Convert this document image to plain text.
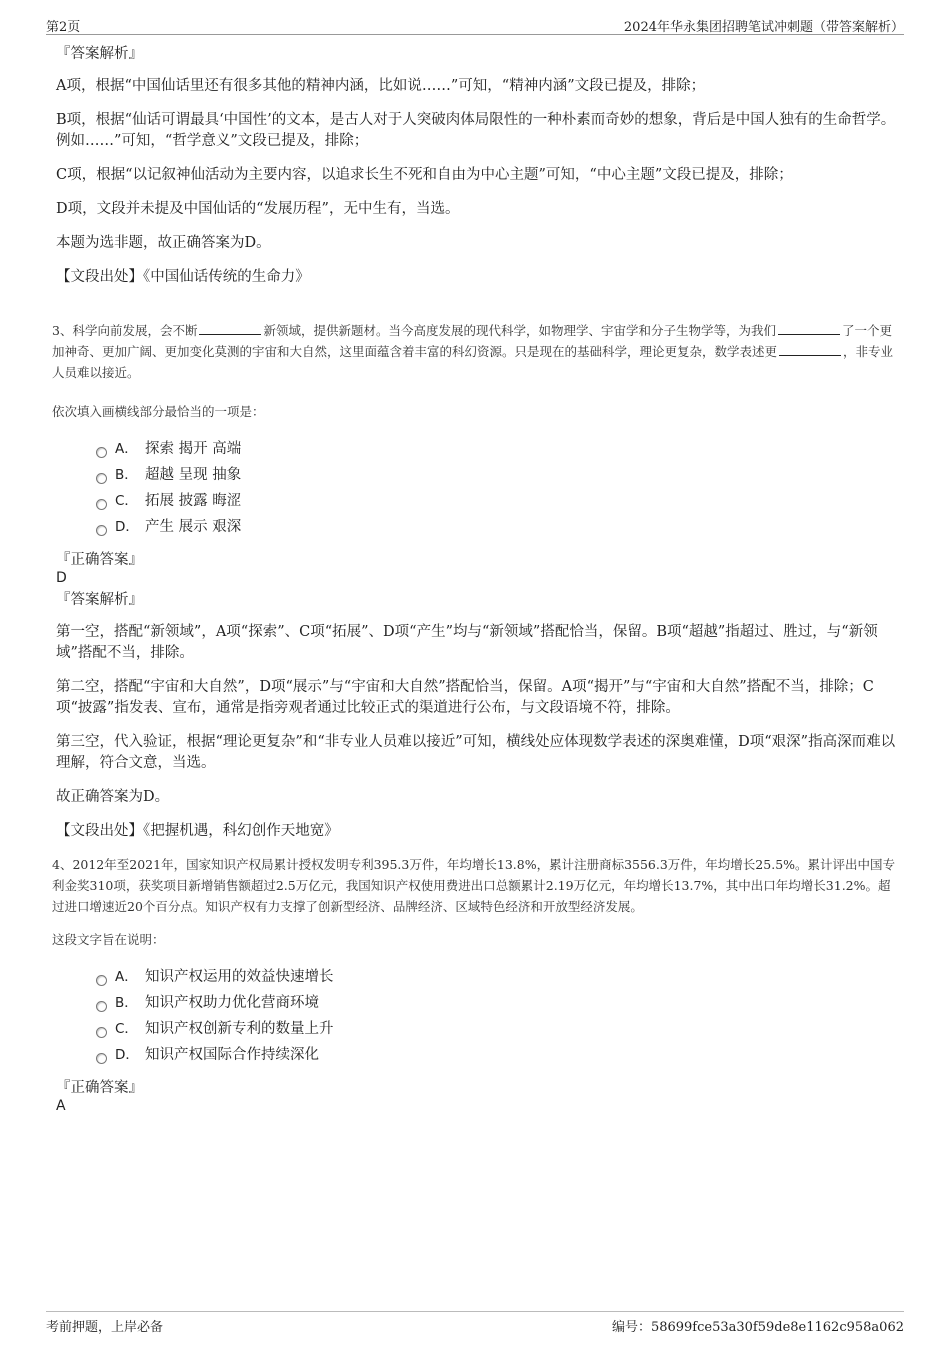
第2页	2024年华永集团招聘笔试冲刺题（带答案解析）
『答案解析』

A项，根据“中国仙话里还有很多其他的精神内涵，比如说……”可知，“精神内涵”文段已提及，排除；

B项，根据“仙话可谓最具‘中国性’的文本，是古人对于人突破肉体局限性的一种朴素而奇妙的想象，背后是中国人独有的生命哲学。例如……”可知，“哲学意义”文段已提及，排除；

C项，根据“以记叙神仙活动为主要内容，以追求长生不死和自由为中心主题”可知，“中心主题”文段已提及，排除；

D项，文段并未提及中国仙话的“发展历程”，无中生有，当选。

本题为选非题，故正确答案为D。

【文段出处】《中国仙话传统的生命力》

3、科学向前发展，会不断	新领域，提供新题材。当今高度发展的现代科学，如物理学、宇宙学和分子生物学等，为我们	了一个更加神奇、更加广阔、更加变化莫测的宇宙和大自然，这里面蕴含着丰富的科幻资源。只是现在的基础科学，理论更复杂，数学表述更	，非专业人员难以接近。

依次填入画横线部分最恰当的一项是：

A． 探索 揭开 高端
B． 超越 呈现 抽象
C． 拓展 披露 晦涩
D． 产生 展示 艰深
『正确答案』
D
『答案解析』

第一空，搭配“新领域”，A项“探索”、C项“拓展”、D项“产生”均与“新领域”搭配恰当，保留。B项“超越”指超过、胜过，与“新领域”搭配不当，排除。

第二空，搭配“宇宙和大自然”，D项“展示”与“宇宙和大自然”搭配恰当，保留。A项“揭开”与“宇宙和大自然”搭配不当，排除；C项“披露”指发表、宣布，通常是指旁观者通过比较正式的渠道进行公布，与文段语境不符，排除。

第三空，代入验证，根据“理论更复杂”和“非专业人员难以接近”可知，横线处应体现数学表述的深奥难懂，D项“艰深”指高深而难以理解，符合文意，当选。

故正确答案为D。

【文段出处】《把握机遇，科幻创作天地宽》

4、2012年至2021年，国家知识产权局累计授权发明专利395.3万件，年均增长13.8%，累计注册商标3556.3万件，年均增长25.5%。累计评出中国专利金奖310项，获奖项目新增销售额超过2.5万亿元，我国知识产权使用费进出口总额累计2.19万亿元，年均增长13.7%，其中出口年均增长31.2%。超过进口增速近20个百分点。知识产权有力支撑了创新型经济、品牌经济、区域特色经济和开放型经济发展。

这段文字旨在说明：

A． 知识产权运用的效益快速增长
B． 知识产权助力优化营商环境
C． 知识产权创新专利的数量上升
D． 知识产权国际合作持续深化
『正确答案』
A
考前押题，上岸必备	编号：58699fce53a30f59de8e1162c958a062
